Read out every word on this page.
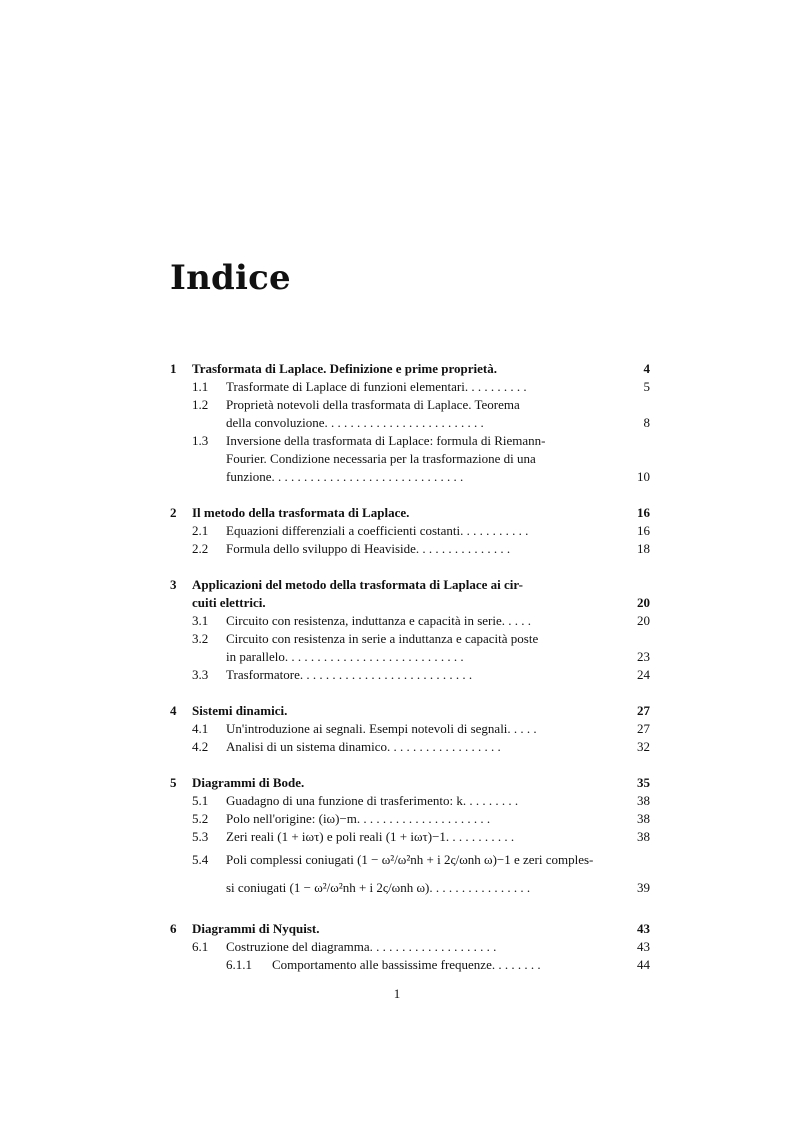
Indice
1	Trasformata di Laplace. Definizione e prime proprietà.	4
1.1	Trasformate di Laplace di funzioni elementari. . . . . . . . . .	5
1.2	Proprietà notevoli della trasformata di Laplace. Teorema
della convoluzione. . . . . . . . . . . . . . . . . . . . . . . . .	8
1.3	Inversione della trasformata di Laplace: formula di Riemann-
Fourier. Condizione necessaria per la trasformazione di una
funzione. . . . . . . . . . . . . . . . . . . . . . . . . . . . . .	10
2	Il metodo della trasformata di Laplace.	16
2.1	Equazioni differenziali a coefficienti costanti. . . . . . . . . . .	16
2.2	Formula dello sviluppo di Heaviside. . . . . . . . . . . . . . .	18
3	Applicazioni del metodo della trasformata di Laplace ai cir-
cuiti elettrici.	20
3.1	Circuito con resistenza, induttanza e capacità in serie. . . . .	20
3.2	Circuito con resistenza in serie a induttanza e capacità poste
in parallelo. . . . . . . . . . . . . . . . . . . . . . . . . . . .	23
3.3	Trasformatore. . . . . . . . . . . . . . . . . . . . . . . . . . .	24
4	Sistemi dinamici.	27
4.1	Un'introduzione ai segnali. Esempi notevoli di segnali. . . . .	27
4.2	Analisi di un sistema dinamico. . . . . . . . . . . . . . . . . .	32
5	Diagrammi di Bode.	35
5.1	Guadagno di una funzione di trasferimento: k. . . . . . . . .	38
5.2	Polo nell'origine: (iω)−m. . . . . . . . . . . . . . . . . . . . .	38
5.3	Zeri reali (1 + iωτ) e poli reali (1 + iωτ)−1. . . . . . . . . . .	38
5.4	Poli complessi coniugati (1 − ω²/ω²nh + i 2ς/ωnh ω)−1 e zeri comples-
si coniugati (1 − ω²/ω²nh + i 2ς/ωnh ω). . . . . . . . . . . . . . . .	39
6	Diagrammi di Nyquist.	43
6.1	Costruzione del diagramma. . . . . . . . . . . . . . . . . . . .	43
6.1.1	Comportamento alle bassissime frequenze. . . . . . . .	44
1
